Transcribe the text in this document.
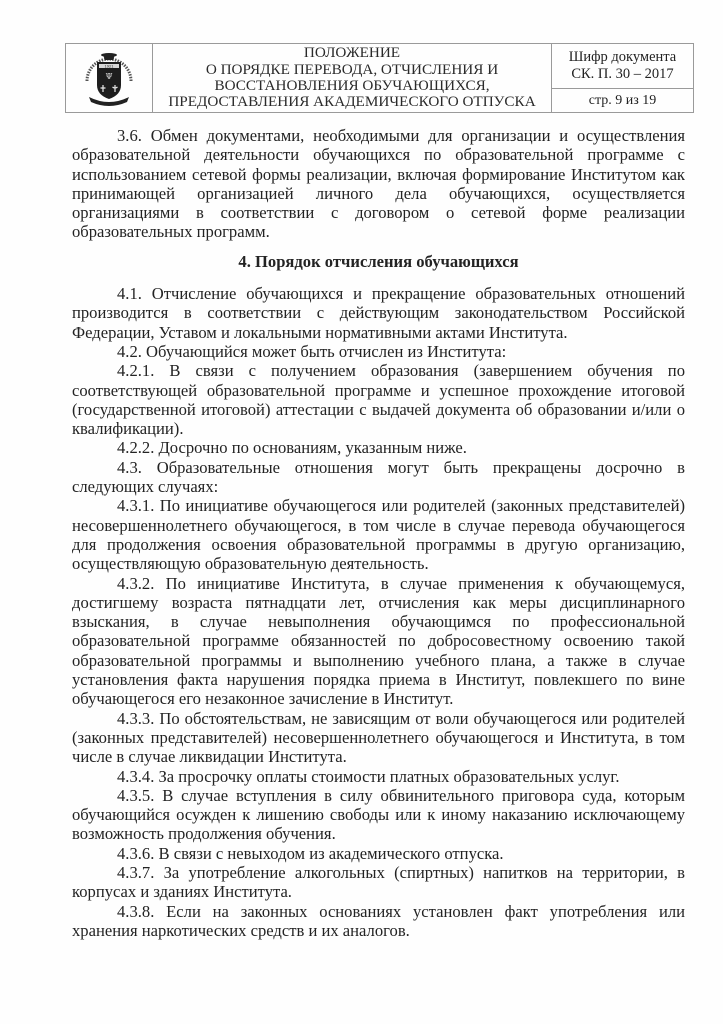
1921
Ψ
ПОЛОЖЕНИЕ
О ПОРЯДКЕ ПЕРЕВОДА, ОТЧИСЛЕНИЯ И
ВОССТАНОВЛЕНИЯ ОБУЧАЮЩИХСЯ,
ПРЕДОСТАВЛЕНИЯ АКАДЕМИЧЕСКОГО ОТПУСКА
Шифр документа
СК. П. 30 – 2017
стр. 9 из 19

3.6. Обмен документами, необходимыми для организации и осуществления образовательной деятельности обучающихся по образовательной программе с использованием сетевой формы реализации, включая формирование Институтом как принимающей организацией личного дела обучающихся, осуществляется организациями в соответствии с договором о сетевой форме реализации образовательных программ.

4. Порядок отчисления обучающихся

4.1. Отчисление обучающихся и прекращение образовательных отношений производится в соответствии с действующим законодательством Российской Федерации, Уставом и локальными нормативными актами Института.

4.2. Обучающийся может быть отчислен из Института:

4.2.1. В связи с получением образования (завершением обучения по соответствующей образовательной программе и успешное прохождение итоговой (государственной итоговой) аттестации с выдачей документа об образовании и/или о квалификации).

4.2.2. Досрочно по основаниям, указанным ниже.

4.3. Образовательные отношения могут быть прекращены досрочно в следующих случаях:

4.3.1. По инициативе обучающегося или родителей (законных представителей) несовершеннолетнего обучающегося, в том числе в случае перевода обучающегося для продолжения освоения образовательной программы в другую организацию, осуществляющую образовательную деятельность.

4.3.2. По инициативе Института, в случае применения к обучающемуся, достигшему возраста пятнадцати лет, отчисления как меры дисциплинарного взыскания, в случае невыполнения обучающимся по профессиональной образовательной программе обязанностей по добросовестному освоению такой образовательной программы и выполнению учебного плана, а также в случае установления факта нарушения порядка приема в Институт, повлекшего по вине обучающегося его незаконное зачисление в Институт.

4.3.3. По обстоятельствам, не зависящим от воли обучающегося или родителей (законных представителей) несовершеннолетнего обучающегося и Института, в том числе в случае ликвидации Института.

4.3.4. За просрочку оплаты стоимости платных образовательных услуг.

4.3.5. В случае вступления в силу обвинительного приговора суда, которым обучающийся осужден к лишению свободы или к иному наказанию исключающему возможность продолжения обучения.

4.3.6. В связи с невыходом из академического отпуска.

4.3.7. За употребление алкогольных (спиртных) напитков на территории, в корпусах и зданиях Института.

4.3.8. Если на законных основаниях установлен факт употребления или хранения наркотических средств и их аналогов.
